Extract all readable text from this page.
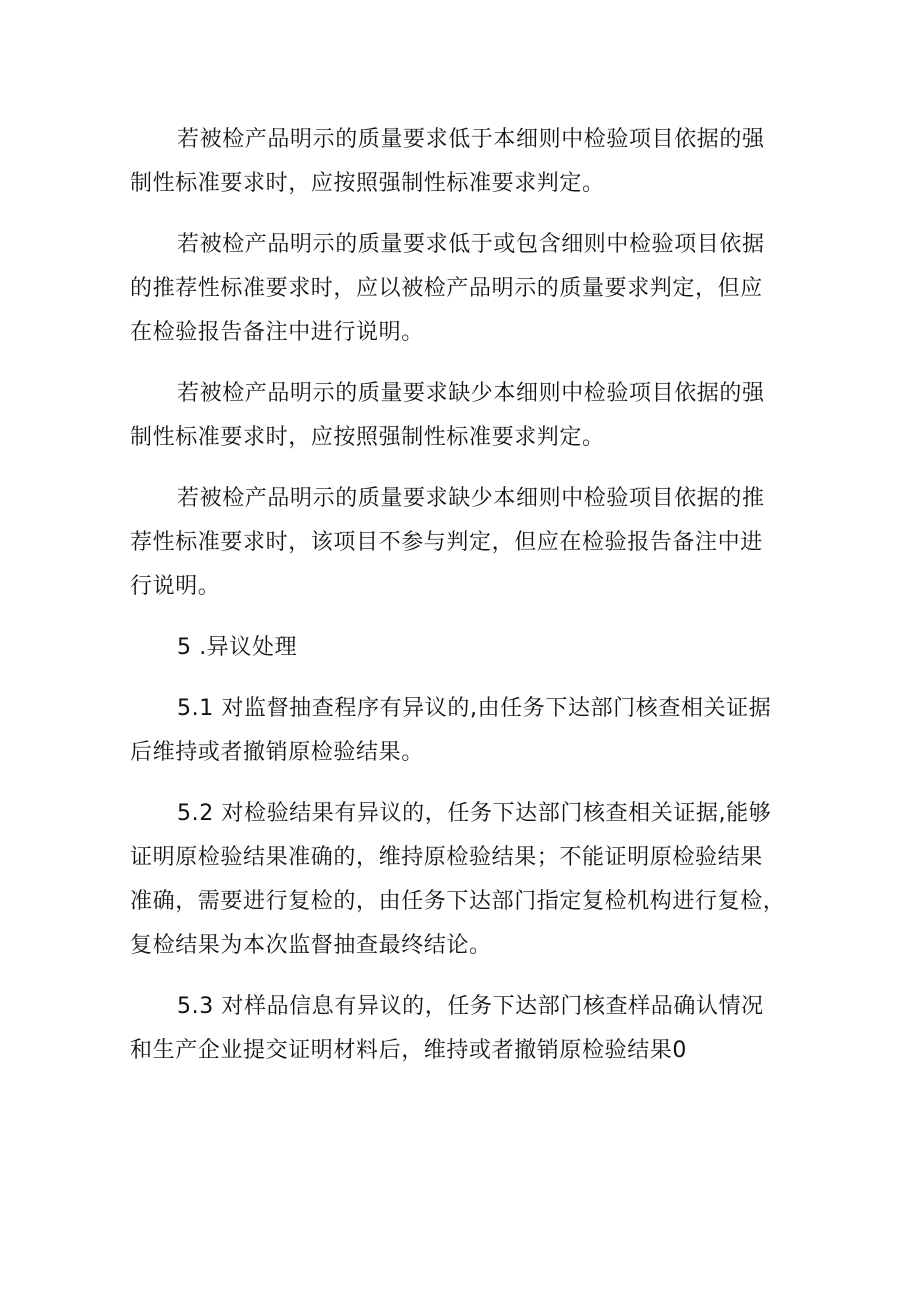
若被检产品明示的质量要求低于本细则中检验项目依据的强
制性标准要求时，应按照强制性标准要求判定。

若被检产品明示的质量要求低于或包含细则中检验项目依据
的推荐性标准要求时，应以被检产品明示的质量要求判定，但应
在检验报告备注中进行说明。

若被检产品明示的质量要求缺少本细则中检验项目依据的强
制性标准要求时，应按照强制性标准要求判定。

若被检产品明示的质量要求缺少本细则中检验项目依据的推
荐性标准要求时，该项目不参与判定，但应在检验报告备注中进
行说明。

5 .异议处理

5.1 对监督抽查程序有异议的,由任务下达部门核查相关证据
后维持或者撤销原检验结果。

5.2 对检验结果有异议的，任务下达部门核查相关证据,能够
证明原检验结果准确的，维持原检验结果；不能证明原检验结果
准确，需要进行复检的，由任务下达部门指定复检机构进行复检，
复检结果为本次监督抽查最终结论。

5.3 对样品信息有异议的，任务下达部门核查样品确认情况
和生产企业提交证明材料后，维持或者撤销原检验结果0
